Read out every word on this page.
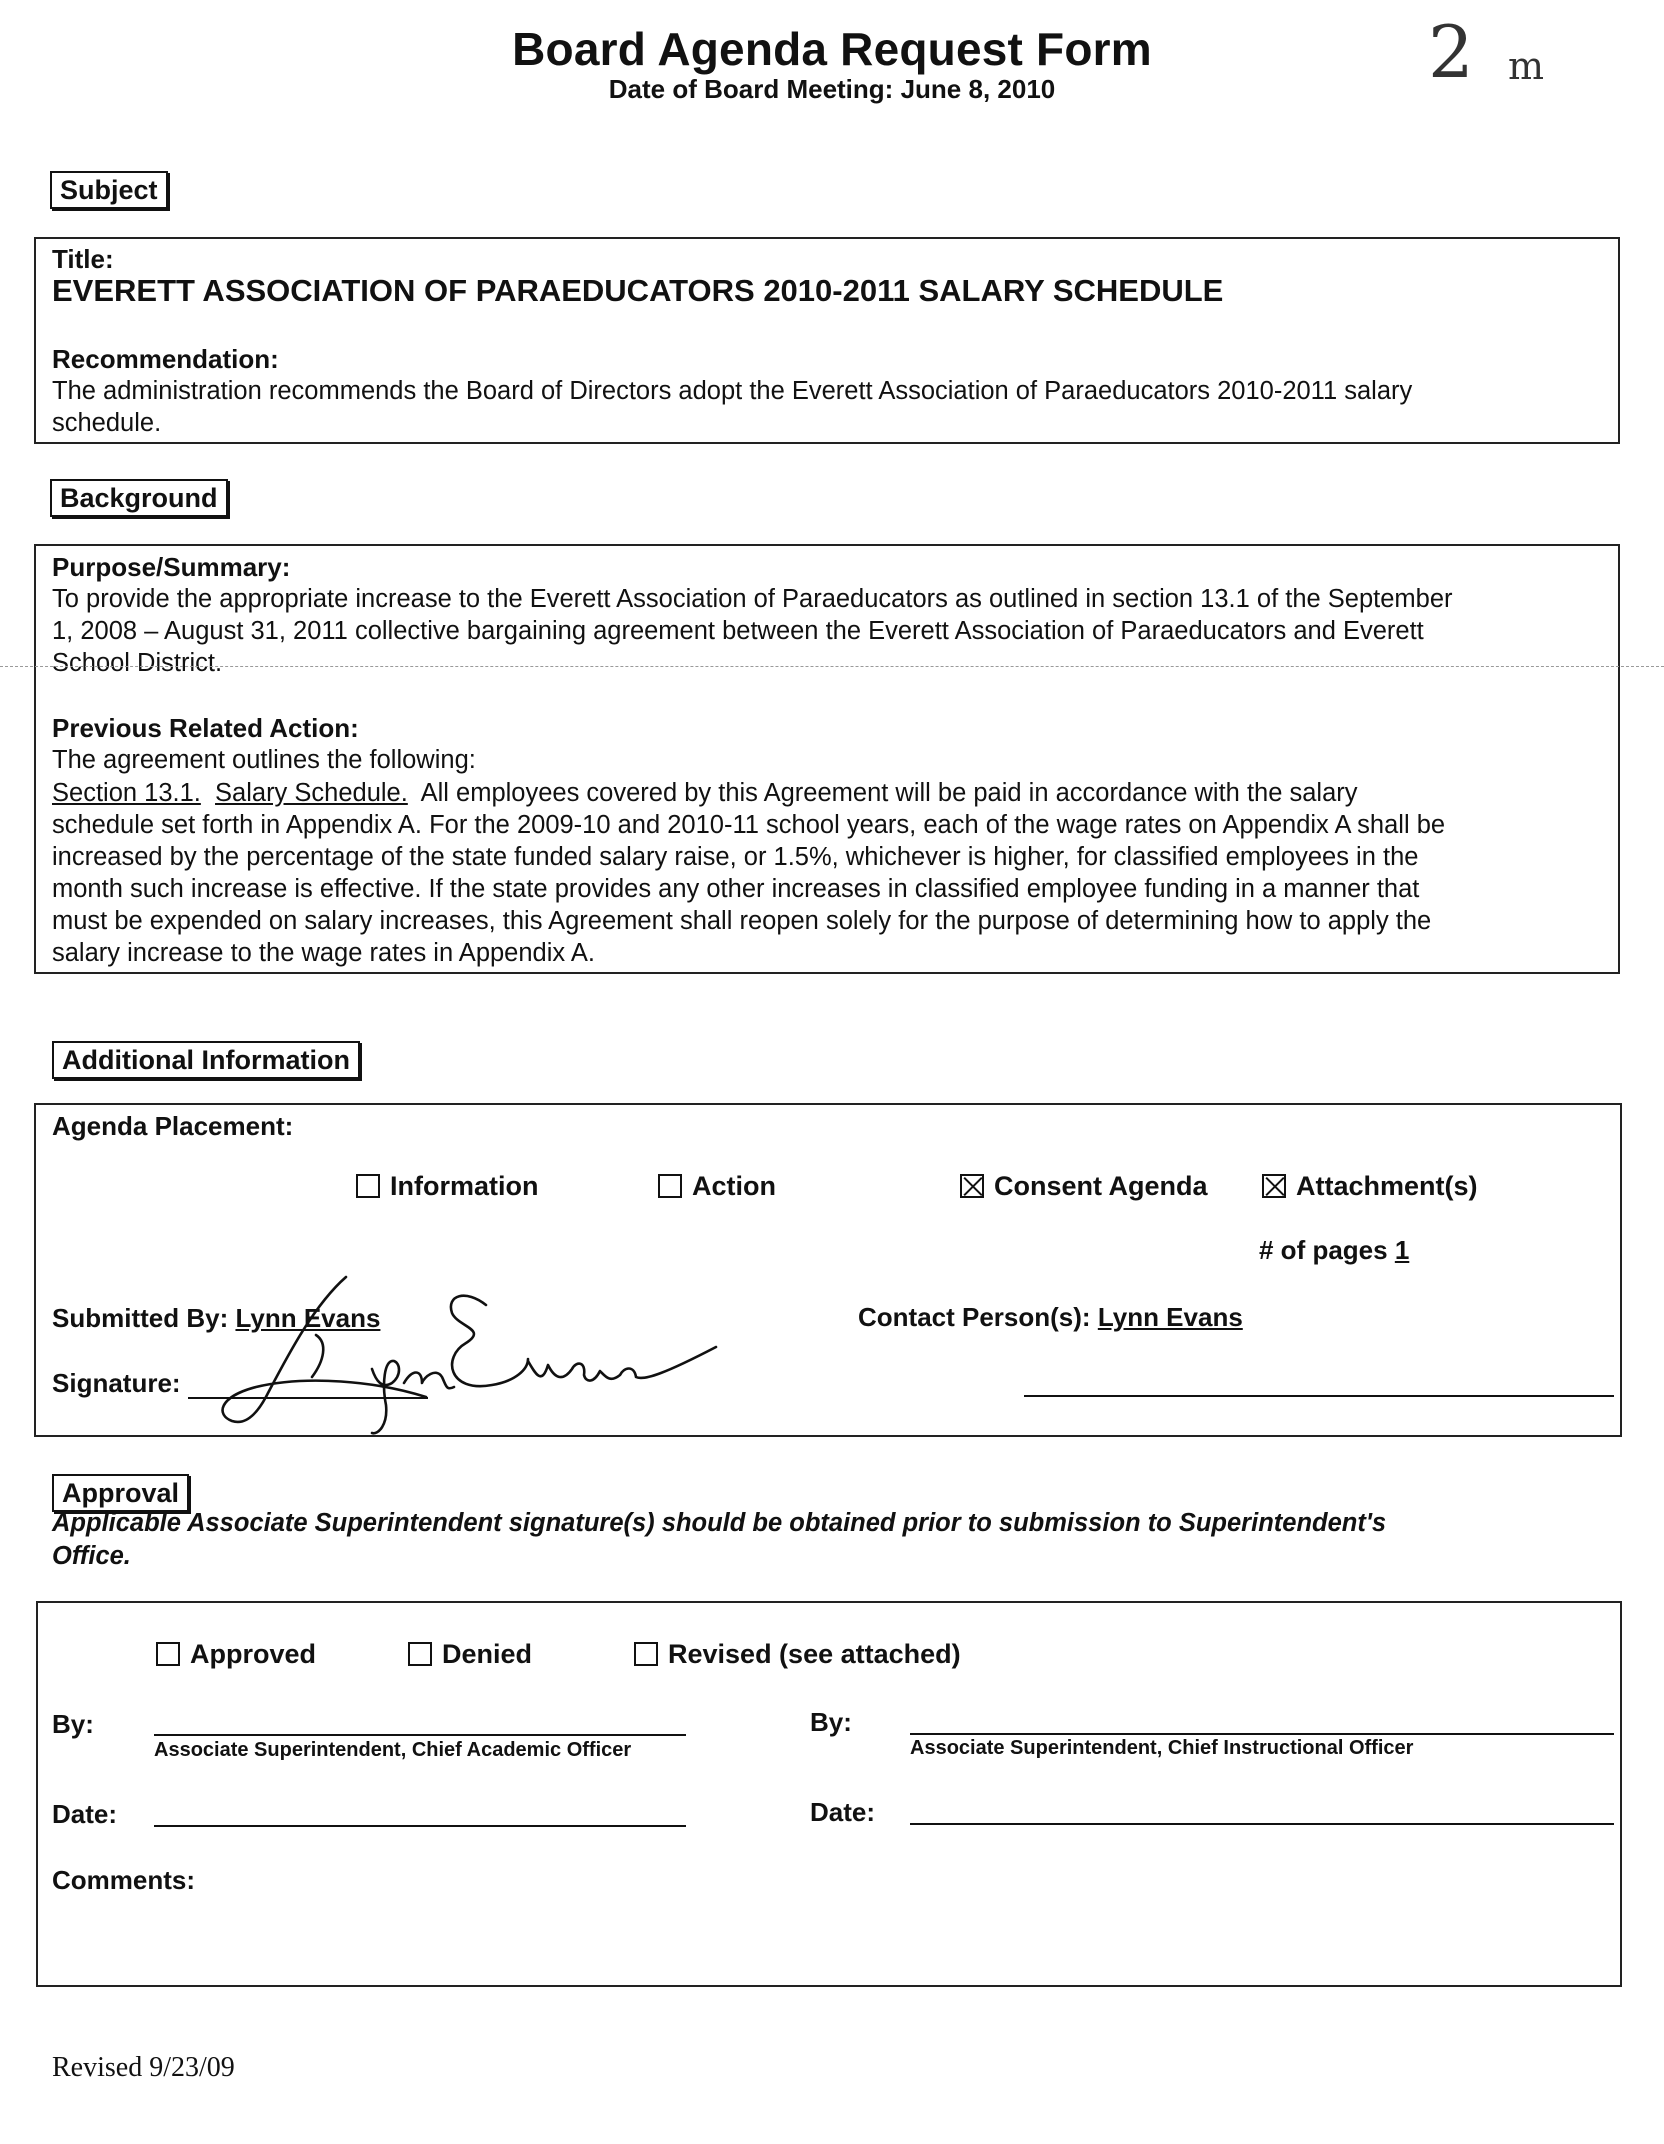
Board Agenda Request Form
Date of Board Meeting: June 8, 2010	2 m
Subject
Title:
EVERETT ASSOCIATION OF PARAEDUCATORS 2010-2011 SALARY SCHEDULE
Recommendation:
The administration recommends the Board of Directors adopt the Everett Association of Paraeducators 2010-2011 salary
schedule.
Background
Purpose/Summary:
To provide the appropriate increase to the Everett Association of Paraeducators as outlined in section 13.1 of the September
1, 2008 – August 31, 2011 collective bargaining agreement between the Everett Association of Paraeducators and Everett
School District.
Previous Related Action:
The agreement outlines the following:
Section 13.1. Salary Schedule.  All employees covered by this Agreement will be paid in accordance with the salary
schedule set forth in Appendix A. For the 2009-10 and 2010-11 school years, each of the wage rates on Appendix A shall be
increased by the percentage of the state funded salary raise, or 1.5%, whichever is higher, for classified employees in the
month such increase is effective. If the state provides any other increases in classified employee funding in a manner that
must be expended on salary increases, this Agreement shall reopen solely for the purpose of determining how to apply the
salary increase to the wage rates in Appendix A.
Additional Information
Agenda Placement:
Information	Action	Consent Agenda	Attachment(s)
# of pages 1
Submitted By: Lynn Evans	Contact Person(s): Lynn Evans
Signature:
Approval
Applicable Associate Superintendent signature(s) should be obtained prior to submission to Superintendent's
Office.
Approved	Denied	Revised (see attached)
By:
Associate Superintendent, Chief Academic Officer
By:
Associate Superintendent, Chief Instructional Officer
Date:	Date:
Comments:
Revised 9/23/09
